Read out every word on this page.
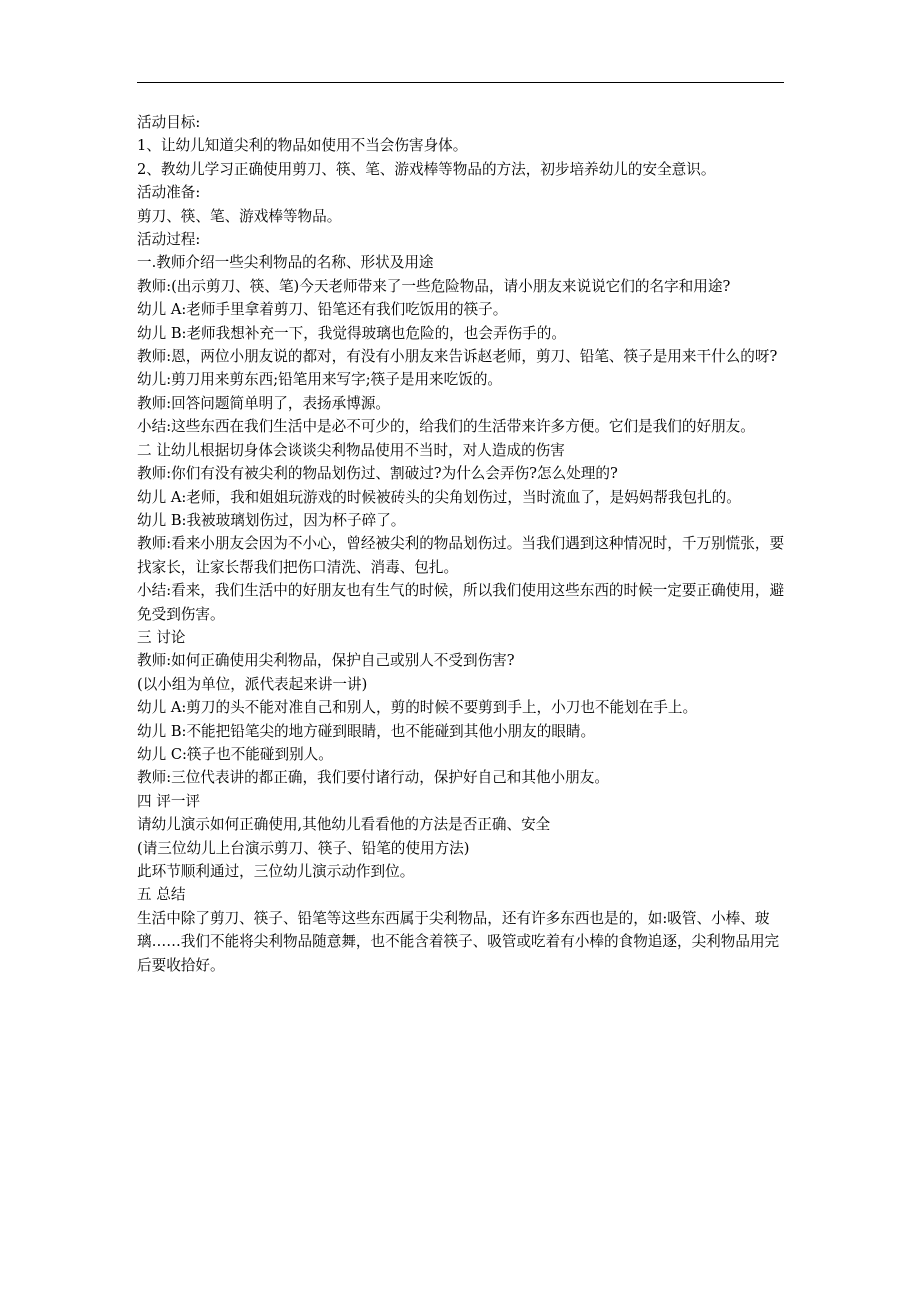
活动目标:

1、让幼儿知道尖利的物品如使用不当会伤害身体。

2、教幼儿学习正确使用剪刀、筷、笔、游戏棒等物品的方法，初步培养幼儿的安全意识。

活动准备:

剪刀、筷、笔、游戏棒等物品。

活动过程:

一.教师介绍一些尖利物品的名称、形状及用途

教师:(出示剪刀、筷、笔)今天老师带来了一些危险物品，请小朋友来说说它们的名字和用途?

幼儿 A:老师手里拿着剪刀、铅笔还有我们吃饭用的筷子。

幼儿 B:老师我想补充一下，我觉得玻璃也危险的，也会弄伤手的。

教师:恩，两位小朋友说的都对，有没有小朋友来告诉赵老师，剪刀、铅笔、筷子是用来干什么的呀?

幼儿:剪刀用来剪东西;铅笔用来写字;筷子是用来吃饭的。

教师:回答问题简单明了，表扬承博源。

小结:这些东西在我们生活中是必不可少的，给我们的生活带来许多方便。它们是我们的好朋友。

二 让幼儿根据切身体会谈谈尖利物品使用不当时，对人造成的伤害

教师:你们有没有被尖利的物品划伤过、割破过?为什么会弄伤?怎么处理的?

幼儿 A:老师，我和姐姐玩游戏的时候被砖头的尖角划伤过，当时流血了，是妈妈帮我包扎的。

幼儿 B:我被玻璃划伤过，因为杯子碎了。

教师:看来小朋友会因为不小心，曾经被尖利的物品划伤过。当我们遇到这种情况时，千万别慌张，要找家长，让家长帮我们把伤口清洗、消毒、包扎。

小结:看来，我们生活中的好朋友也有生气的时候，所以我们使用这些东西的时候一定要正确使用，避免受到伤害。

三 讨论

教师:如何正确使用尖利物品，保护自己或别人不受到伤害?

(以小组为单位，派代表起来讲一讲)

幼儿 A:剪刀的头不能对准自己和别人，剪的时候不要剪到手上，小刀也不能划在手上。

幼儿 B:不能把铅笔尖的地方碰到眼睛，也不能碰到其他小朋友的眼睛。

幼儿 C:筷子也不能碰到别人。

教师:三位代表讲的都正确，我们要付诸行动，保护好自己和其他小朋友。

四 评一评

请幼儿演示如何正确使用,其他幼儿看看他的方法是否正确、安全

(请三位幼儿上台演示剪刀、筷子、铅笔的使用方法)

此环节顺利通过，三位幼儿演示动作到位。

五 总结

生活中除了剪刀、筷子、铅笔等这些东西属于尖利物品，还有许多东西也是的，如:吸管、小棒、玻璃……我们不能将尖利物品随意舞，也不能含着筷子、吸管或吃着有小棒的食物追逐，尖利物品用完后要收拾好。
